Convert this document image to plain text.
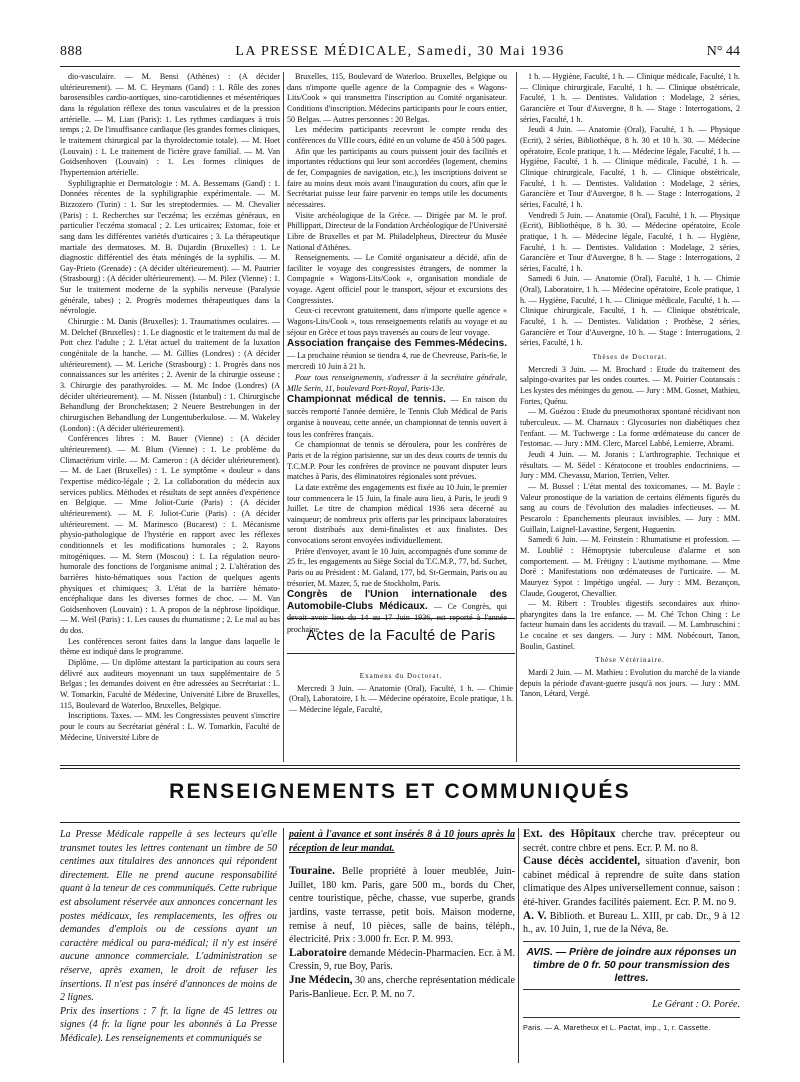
888	LA PRESSE MÉDICALE, Samedi, 30 Mai 1936	N° 44

dio-vasculaire. — M. Bensi (Athènes) : (A décider ultérieurement). — M. C. Heymans (Gand) : 1. Rôle des zones barosensibles cardio-aortiques, sino-carotidiennes et mésentériques dans la régulation réflexe des tonus vasculaires et de la pression artérielle. — M. Lian (Paris): 1. Les rythmes cardiaques à trois temps ; 2. De l'insuffisance cardiaque (les grandes formes cliniques, le traitement chirurgical par la thyroïdectomie totale). — M. Hoet (Louvain) : 1. Le traitement de l'ictère grave familial. — M. Van Goidsenhoven (Louvain) : 1. Les formes cliniques de l'hypertension artérielle.

Syphiligraphie et Dermatologie : M. A. Bessemans (Gand) : 1. Données récentes de la syphiligraphie expérimentale. — M. Bizzozero (Turin) : 1. Sur les streptodermies. — M. Chevalier (Paris) : 1. Recherches sur l'eczéma; les eczémas généraux, en particulier l'eczéma stomacal ; 2. Les urticaires; Estomac, foie et sang dans les différentes variétés d'urticaires ; 3. La thérapeutique martiale des dermatoses. M. B. Dujardin (Bruxelles) : 1. Le diagnostic différentiel des états méningés de la syphilis. — M. Gay-Prieto (Grenade) : (A décider ultérieurement). — M. Pautrier (Strasbourg) : (A décider ultérieurement). — M. Pilez (Vienne) : 1. Sur le traitement moderne de la syphilis nerveuse (Paralysie générale, tabes) ; 2. Progrès modernes thérapeutiques dans la névrologie.

Chirurgie : M. Danis (Bruxelles): 1. Traumatismes oculaires. — M. Delchef (Bruxelles) : 1. Le diagnostic et le traitement du mal de Pott chez l'adulte ; 2. L'état actuel du traitement de la luxation congénitale de la hanche. — M. Gillies (Londres) : (A décider ultérieurement). — M. Leriche (Strasbourg) : 1. Progrès dans nos connaissances sur les artérites ; 2. Avenir de la chirurgie osseuse ; 3. Chirurgie des parathyroïdes. — M. Mc Indoe (Londres) (A décider ultérieurement). — M. Nissen (Istanbul) : 1. Chirurgische Behandlung der Bronchektasen; 2 Neuere Bestrebungen in der chirurgischen Behandlung der Lungentuberkulose. — M. Wakeley (London) : (A décider ultérieurement).

Conférences libres : M. Bauer (Vienne) : (A décider ultérieurement). — M. Blum (Vienne) : 1. Le problème du Climactérium virile. — M. Cameron : (A décider ultérieurement). — M. de Laet (Bruxelles) : 1. Le symptôme « douleur » dans l'expertise médico-légale ; 2. La collaboration du médecin aux services publics. Méthodes et résultats de sept années d'expérience en Belgique. — Mme Joliot-Curie (Paris) : (A décider ultérieurement). — M. F. Joliot-Curie (Paris) : (A décider ultérieurement. — M. Marinesco (Bucarest) : 1. Mécanisme physio-pathologique de l'hystérie en rapport avec les réflexes conditionnels et les modifications humorales ; 2. Rayons mitogéniques. — M. Stern (Moscou) : 1. La régulation neuro-humorale des fonctions de l'organisme animal ; 2. L'altération des barrières histo-hématiques sous l'action de quelques agents physiques et chimiques; 3. L'état de la barrière hémato-encéphalique dans les diverses formes de choc. — M. Van Goidsenhoven (Louvain) : 1. A propos de la néphrose lipoïdique. — M. Weil (Paris) : 1. Les causes du rhumatisme ; 2. Le mal au bas du dos.

Les conférences seront faites dans la langue dans laquelle le thème est indiqué dans le programme.

Diplôme. — Un diplôme attestant la participation au cours sera délivré aux auditeurs moyennant un taux supplémentaire de 5 Belgas ; les demandes doivent en être adressées au Secrétariat : L. W. Tomarkin, Faculté de Médecine, Université Libre de Bruxelles, 115, Boulevard de Waterloo, Bruxelles, Belgique.

Inscriptions. Taxes. — MM. les Congressistes peuvent s'inscrire pour le cours au Secrétariat général : L. W. Tomarkin, Faculté de Médecine, Université Libre de

Bruxelles, 115, Boulevard de Waterloo. Bruxelles, Belgique ou dans n'importe quelle agence de la Compagnie des « Wagons-Lits/Cook » qui transmettra l'inscription au Comité organisateur. Conditions d'inscription. Médecins participants pour le cours entier, 50 Belgas. — Autres personnes : 20 Belgas.

Les médecins participants recevront le compte rendu des conférences du VIIIe cours, édité en un volume de 450 à 500 pages.

Afin que les participants au cours puissent jouir des facilités et importantes réductions qui leur sont accordées (logement, chemins de fer, Compagnies de navigation, etc.), les inscriptions doivent se faire au moins deux mois avant l'inauguration du cours, afin que le Secrétariat puisse leur faire parvenir en temps utile les documents nécessaires.

Visite archéologique de la Grèce. — Dirigée par M. le prof. Phillippart, Directeur de la Fondation Archéologique de l'Université Libre de Bruxelles et par M. Philadelpheus, Directeur du Musée National d'Athènes.

Renseignements. — Le Comité organisateur a décidé, afin de faciliter le voyage des congressistes étrangers, de nommer la Compagnie « Wagons-Lits/Cook », organisation mondiale de voyage. Agent officiel pour le transport, séjour et excursions des Congressistes.

Ceux-ci recevront gratuitement, dans n'importe quelle agence « Wagons-Lits/Cook », tous renseignements relatifs au voyage et au séjour en Grèce et tous pays traversés au cours de leur voyage.

Association française des Femmes-Médecins. — La prochaine réunion se tiendra 4, rue de Chevreuse, Paris-6e, le mercredi 10 Juin à 21 h.

Pour tous renseignements, s'adresser à la secrétaire générale, Mlle Serin, 11, boulevard Port-Royal, Paris-13e.

Championnat médical de tennis. — En raison du succès remporté l'année dernière, le Tennis Club Médical de Paris organise à nouveau, cette année, un championnat de tennis ouvert à tous les confrères français.

Ce championnat de tennis se déroulera, pour les confrères de Paris et de la région parisienne, sur un des deux courts de tennis du T.C.M.P. Pour les confrères de province ne pouvant disputer leurs matches à Paris, des éliminatoires régionales sont prévues.

La date extrême des engagements est fixée au 10 Juin, le premier tour commencera le 15 Juin, la finale aura lieu, à Paris, le jeudi 9 Juillet. Le titre de champion médical 1936 sera décerné au vainqueur; de nombreux prix offerts par les principaux laboratoires seront distribués aux demi-finalistes et aux finalistes. Des convocations seront envoyées individuellement.

Prière d'envoyer, avant le 10 Juin, accompagnés d'une somme de 25 fr., les engagements au Siège Social du T.C.M.P., 77, bd. Suchet, Paris ou au Président : M. Galand, 177, bd. St-Germain, Paris ou au trésorier, M. Mazer, 5, rue de Stockholm, Paris.

Congrès de l'Union internationale des Automobile-Clubs Médicaux. — Ce Congrès, qui devait avoir lieu du 14 au 17 Juin 1936, est reporté à l'année prochaine.

Actes de la Faculté de Paris

Examens du Doctorat.

Mercredi 3 Juin. — Anatomie (Oral), Faculté, 1 h. — Chimie (Oral), Laboratoire, 1 h. — Médecine opératoire, Ecole pratique, 1 h. — Médecine légale, Faculté,

1 h. — Hygiène, Faculté, 1 h. — Clinique médicale, Faculté, 1 h. — Clinique chirurgicale, Faculté, 1 h. — Clinique obstétricale, Faculté, 1 h. — Dentistes. Validation : Modelage, 2 séries, Garancière et Tour d'Auvergne, 8 h. — Stage : Interrogations, 2 séries, Faculté, 1 h.

Jeudi 4 Juin. — Anatomie (Oral), Faculté, 1 h. — Physique (Ecrit), 2 séries, Bibliothèque, 8 h. 30 et 10 h. 30. — Médecine opératoire, Ecole pratique, 1 h. — Médecine légale, Faculté, 1 h. — Hygiène, Faculté, 1 h. — Clinique médicale, Faculté, 1 h. — Clinique chirurgicale, Faculté, 1 h. — Clinique obstétricale, Faculté, 1 h. — Dentistes. Validation : Modelage, 2 séries, Garancière et Tour d'Auvergne, 8 h. — Stage : Interrogations, 2 séries, Faculté, 1 h.

Vendredi 5 Juin. — Anatomie (Oral), Faculté, 1 h. — Physique (Ecrit), Bibliothèque, 8 h. 30. — Médecine opératoire, Ecole pratique, 1 h. — Médecine légale, Faculté, 1 h. — Hygiène, Faculté, 1 h. — Dentistes. Validation : Modelage, 2 séries, Garancière et Tour d'Auvergne, 8 h. — Stage : Interrogations, 2 séries, Faculté, 1 h.

Samedi 6 Juin. — Anatomie (Oral), Faculté, 1 h. — Chimie (Oral), Laboratoire, 1 h. — Médecine opératoire, Ecole pratique, 1 h. — Hygiène, Faculté, 1 h. — Clinique médicale, Faculté, 1 h. — Clinique chirurgicale, Faculté, 1 h. — Clinique obstétricale, Faculté, 1 h. — Dentistes. Validation : Prothèse, 2 séries, Garancière et Tour d'Auvergne, 10 h. — Stage : Interrogations, 2 séries, Faculté, 1 h.

Thèses de Doctorat.

Mercredi 3 Juin. — M. Brochard : Etude du traitement des salpingo-ovarites par les ondes courtes. — M. Poirier Coutansais : Les kystes des méninges du genou. — Jury : MM. Gosset, Mathieu, Fortes, Quénu.

— M. Guézou : Etude du pneumothorax spontané récidivant non tuberculeux. — M. Charnaux : Glycosuries non diabétiques chez l'enfant. — M. Tuchwerge : La forme œdémateuse du cancer de l'estomac. — Jury : MM. Clerc, Marcel Labbé, Lemierre, Abrami.

Jeudi 4 Juin. — M. Joranis : L'arthrographie. Technique et résultats. — M. Sédel : Kératocone et troubles endocriniens. — Jury : MM. Chevassu, Marion, Terrien, Velter.

— M. Bussel : L'état mental des toxicomanes. — M. Bayle : Valeur pronostique de la variation de certains éléments figurés du sang au cours de l'évolution des maladies infectieuses. — M. Pescarolo : Epanchements pleuraux invisibles. — Jury : MM. Guillain, Laignel-Lavastine, Sergent, Huguenin.

Samedi 6 Juin. — M. Feinstein : Rhumatisme et profession. — M. Loublié : Hémoptysie tuberculeuse d'alarme et son comportement. — M. Frétigny : L'autisme mythomane. — Mme Doré : Manifestations non œdémateuses de l'urticaire. — M. Mauryez Sypot : Impétigo ungéal. — Jury : MM. Bezançon, Claude, Gougerot, Chevallier.

— M. Ribert : Troubles digestifs secondaires aux rhino-pharyngites dans la 1re enfance. — M. Ché Tchon Ching : Le facteur humain dans les accidents du travail. — M. Lambruschini : Le cocaïne et ses dangers. — Jury : MM. Nobécourt, Tanon, Boulin, Gastinel.

Thèse Vétérinaire.

Mardi 2 Juin. — M. Mathieu : Evolution du marché de la viande depuis la période d'avant-guerre jusqu'à nos jours. — Jury : MM. Tanon, Létard, Vergé.

RENSEIGNEMENTS ET COMMUNIQUÉS

La Presse Médicale rappelle à ses lecteurs qu'elle transmet toutes les lettres contenant un timbre de 50 centimes aux titulaires des annonces qui répondent directement. Elle ne prend aucune responsabilité quant à la teneur de ces communiqués. Cette rubrique est absolument réservée aux annonces concernant les postes médicaux, les remplacements, les offres ou demandes d'emplois ou de cessions ayant un caractère médical ou para-médical; il n'y est inséré aucune annonce commerciale. L'administration se réserve, après examen, le droit de refuser les insertions. Il n'est pas inséré d'annonces de moins de 2 lignes.

Prix des insertions : 7 fr. la ligne de 45 lettres ou signes (4 fr. la ligne pour les abonnés à La Presse Médicale). Les renseignements et communiqués se

paient à l'avance et sont insérés 8 à 10 jours après la réception de leur mandat.

Touraine. Belle propriété à louer meublée, Juin-Juillet, 180 km. Paris, gare 500 m., bords du Cher, centre touristique, pêche, chasse, vue superbe, grands jardins, vaste terrasse, petit bois. Maison moderne, remise à neuf, 10 pièces, salle de bains, téléph., électricité. Prix : 3.000 fr. Ecr. P. M. 993.

Laboratoire demande Médecin-Pharmacien. Ecr. à M. Cressin, 9, rue Boy, Paris.

Jne Médecin, 30 ans, cherche représentation médicale Paris-Banlieue. Ecr. P. M. no 7.

Ext. des Hôpitaux cherche trav. précepteur ou secrét. contre chbre et pens. Ecr. P. M. no 8.

Cause décès accidentel, situation d'avenir, bon cabinet médical à reprendre de suite dans station climatique des Alpes universellement connue, saison : été-hiver. Grandes facilités paiement. Ecr. P. M. no 9.

A. V. Biblioth. et Bureau L. XIII, pr cab. Dr., 9 à 12 h., av. 10 Juin, 1, rue de la Néva, 8e.

AVIS. — Prière de joindre aux réponses un timbre de 0 fr. 50 pour transmission des lettres.
Le Gérant : O. Porée.
Paris. — A. Maretheux et L. Pactat, imp., 1, r. Cassette.
